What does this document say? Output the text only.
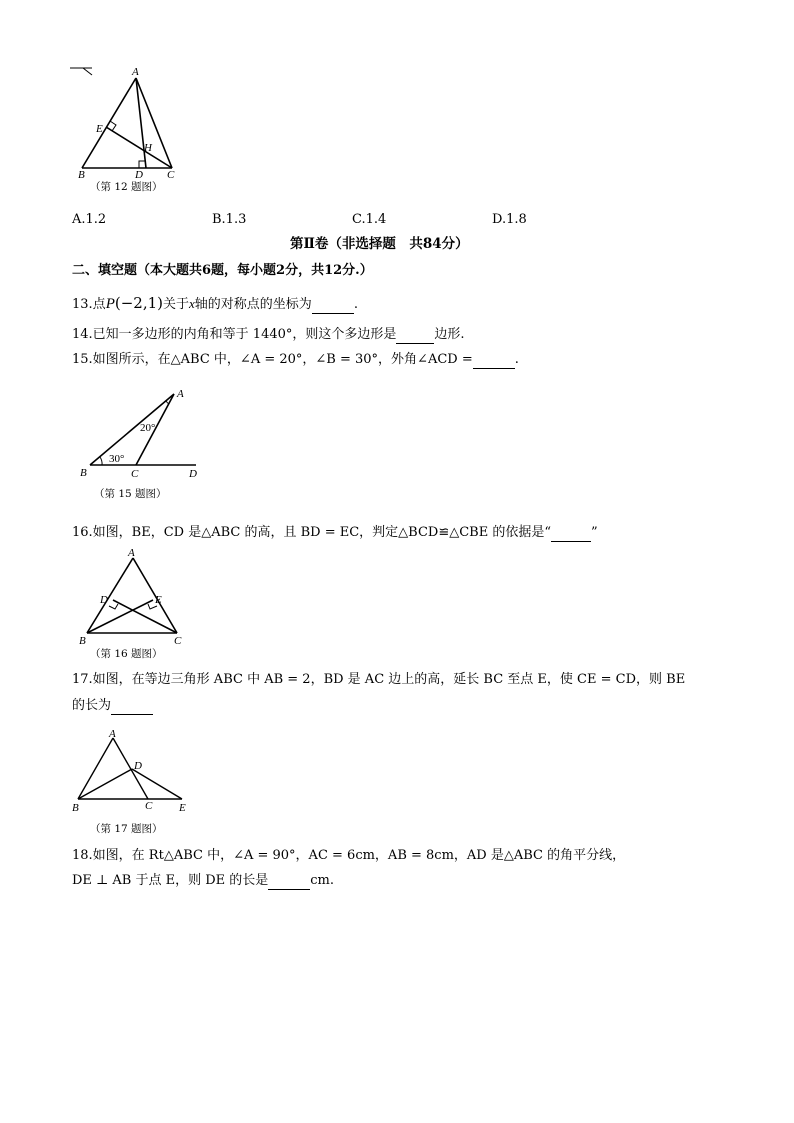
A
E
H
B	D C
（第 12 题图）
A.1.2	B.1.3	C.1.4	D.1.8
第Ⅱ卷（非选择题　共84分）
二、填空题（本大题共6题，每小题2分，共12分.）
13.点P(−2,1)关于x轴的对称点的坐标为	.
14.已知一多边形的内角和等于 1440°，则这个多边形是	边形.
15.如图所示，在△ABC 中，∠A = 20°，∠B = 30°，外角∠ACD =	.
A
20°
B
30°
C	D
（第 15 题图）
16.如图，BE，CD 是△ABC 的高，且 BD = EC，判定△BCD≌△CBE 的依据是“	”
A
D	E
B	C
（第 16 题图）
17.如图，在等边三角形 ABC 中 AB = 2，BD 是 AC 边上的高，延长 BC 至点 E，使 CE = CD，则 BE
的长为
A
D
B	C E
（第 17 题图）
18.如图，在 Rt△ABC 中，∠A = 90°，AC = 6cm，AB = 8cm，AD 是△ABC 的角平分线，
DE ⊥ AB 于点 E，则 DE 的长是	cm.
